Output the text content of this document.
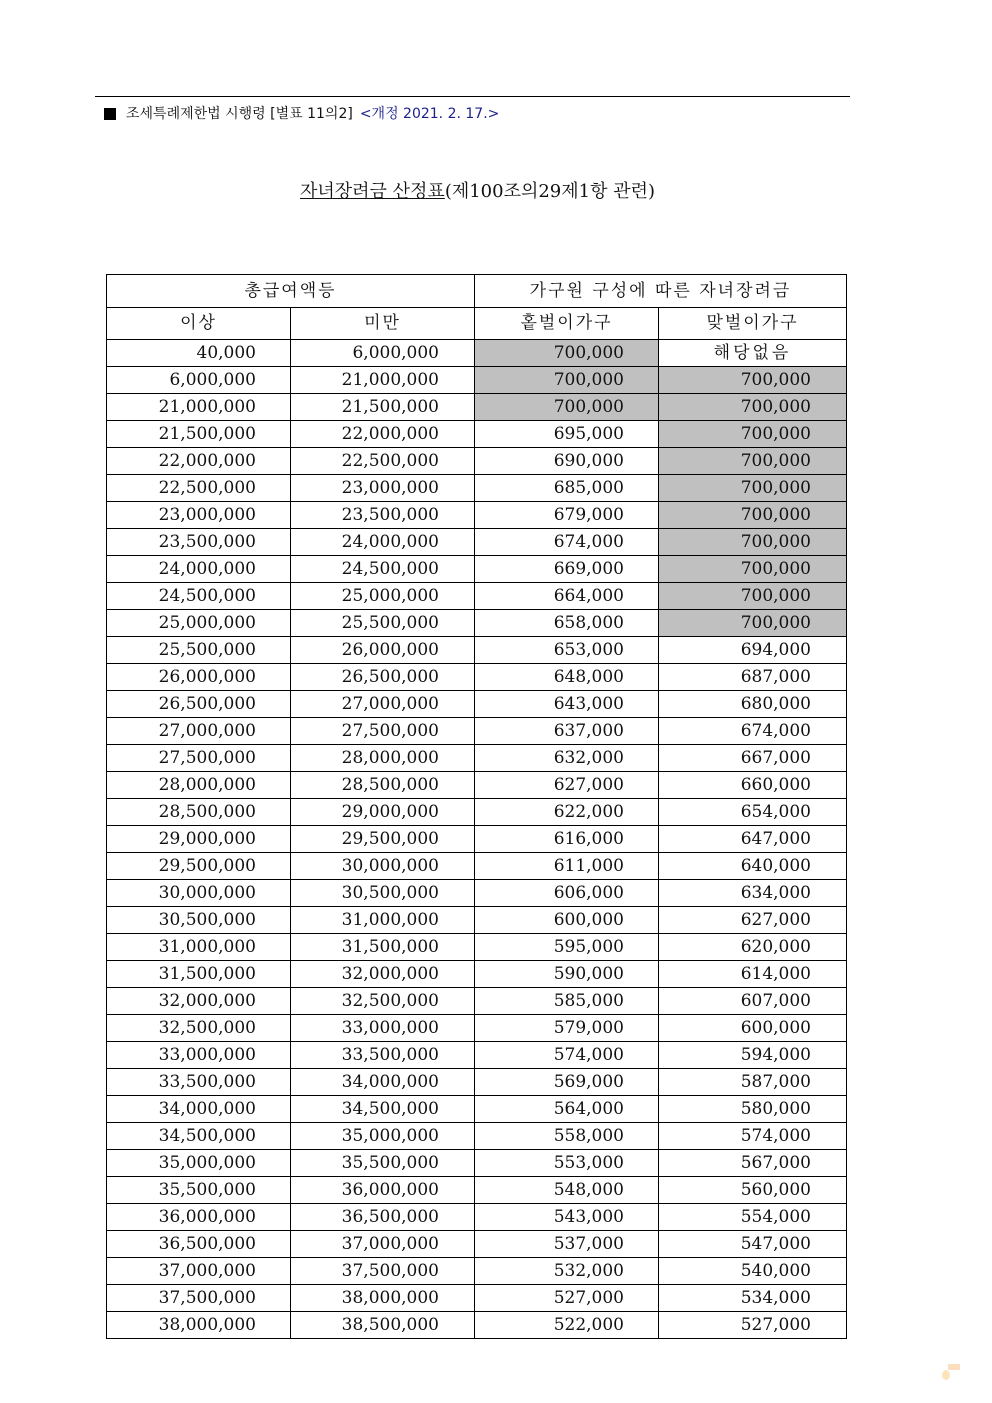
조세특례제한법 시행령 [별표 11의2] <개정 2021. 2. 17.>
자녀장려금 산정표(제100조의29제1항 관련)
총급여액등		가구원 구성에 따른 자녀장려금	
이상	미만	홑벌이가구	맞벌이가구
40,000	6,000,000	700,000	해당없음
6,000,000	21,000,000	700,000	700,000
21,000,000	21,500,000	700,000	700,000
21,500,000	22,000,000	695,000	700,000
22,000,000	22,500,000	690,000	700,000
22,500,000	23,000,000	685,000	700,000
23,000,000	23,500,000	679,000	700,000
23,500,000	24,000,000	674,000	700,000
24,000,000	24,500,000	669,000	700,000
24,500,000	25,000,000	664,000	700,000
25,000,000	25,500,000	658,000	700,000
25,500,000	26,000,000	653,000	694,000
26,000,000	26,500,000	648,000	687,000
26,500,000	27,000,000	643,000	680,000
27,000,000	27,500,000	637,000	674,000
27,500,000	28,000,000	632,000	667,000
28,000,000	28,500,000	627,000	660,000
28,500,000	29,000,000	622,000	654,000
29,000,000	29,500,000	616,000	647,000
29,500,000	30,000,000	611,000	640,000
30,000,000	30,500,000	606,000	634,000
30,500,000	31,000,000	600,000	627,000
31,000,000	31,500,000	595,000	620,000
31,500,000	32,000,000	590,000	614,000
32,000,000	32,500,000	585,000	607,000
32,500,000	33,000,000	579,000	600,000
33,000,000	33,500,000	574,000	594,000
33,500,000	34,000,000	569,000	587,000
34,000,000	34,500,000	564,000	580,000
34,500,000	35,000,000	558,000	574,000
35,000,000	35,500,000	553,000	567,000
35,500,000	36,000,000	548,000	560,000
36,000,000	36,500,000	543,000	554,000
36,500,000	37,000,000	537,000	547,000
37,000,000	37,500,000	532,000	540,000
37,500,000	38,000,000	527,000	534,000
38,000,000	38,500,000	522,000	527,000
